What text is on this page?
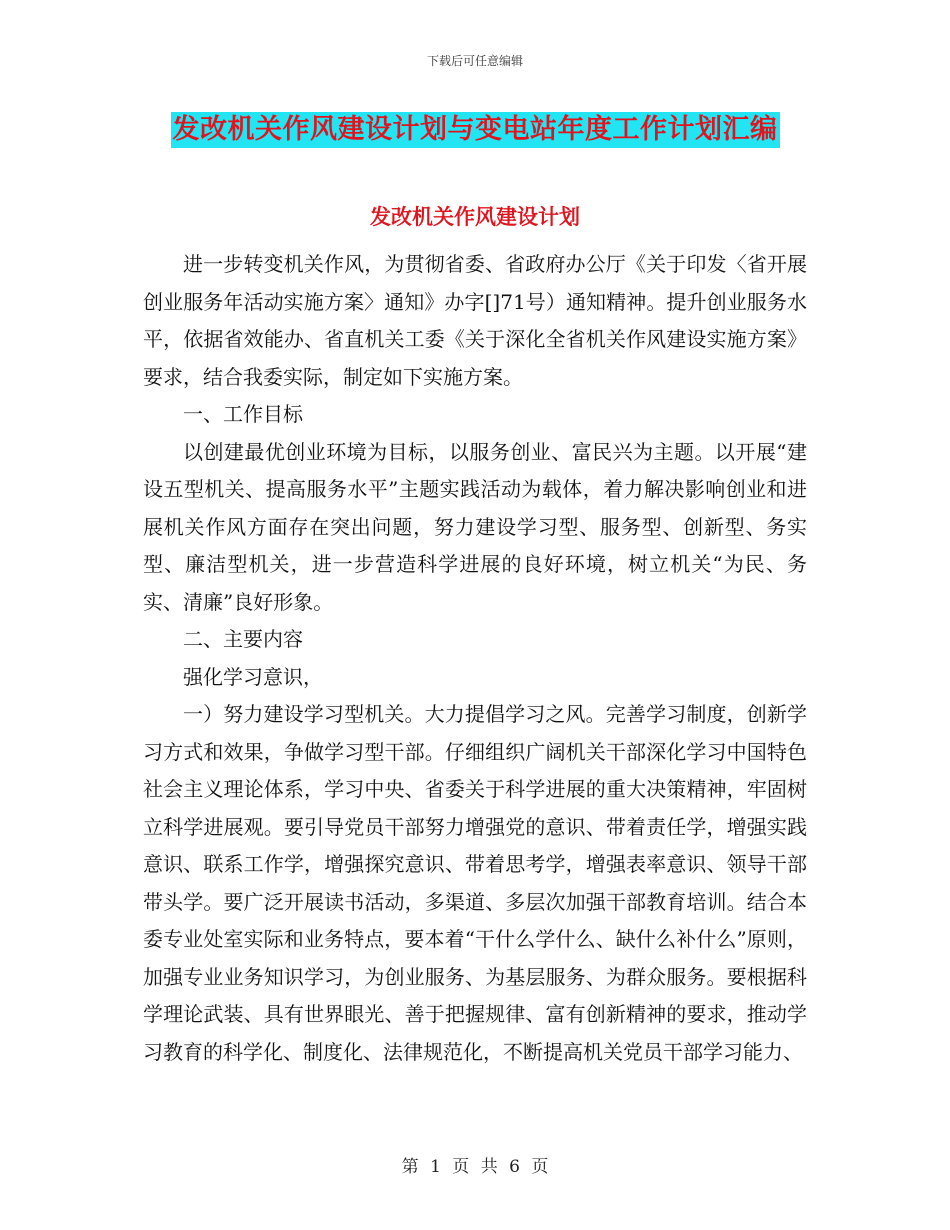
下载后可任意编辑
发改机关作风建设计划与变电站年度工作计划汇编
发改机关作风建设计划

进一步转变机关作风，为贯彻省委、省政府办公厅《关于印发〈省开展创业服务年活动实施方案〉通知》办字[]71号）通知精神。提升创业服务水平，依据省效能办、省直机关工委《关于深化全省机关作风建设实施方案》要求，结合我委实际，制定如下实施方案。

一、工作目标

以创建最优创业环境为目标，以服务创业、富民兴为主题。以开展“建设五型机关、提高服务水平”主题实践活动为载体，着力解决影响创业和进展机关作风方面存在突出问题，努力建设学习型、服务型、创新型、务实型、廉洁型机关，进一步营造科学进展的良好环境，树立机关“为民、务实、清廉”良好形象。

二、主要内容

强化学习意识，

一）努力建设学习型机关。大力提倡学习之风。完善学习制度，创新学习方式和效果，争做学习型干部。仔细组织广阔机关干部深化学习中国特色社会主义理论体系，学习中央、省委关于科学进展的重大决策精神，牢固树立科学进展观。要引导党员干部努力增强党的意识、带着责任学，增强实践意识、联系工作学，增强探究意识、带着思考学，增强表率意识、领导干部带头学。要广泛开展读书活动，多渠道、多层次加强干部教育培训。结合本委专业处室实际和业务特点，要本着“干什么学什么、缺什么补什么”原则，加强专业业务知识学习，为创业服务、为基层服务、为群众服务。要根据科学理论武装、具有世界眼光、善于把握规律、富有创新精神的要求，推动学习教育的科学化、制度化、法律规范化，不断提高机关党员干部学习能力、

第 1 页 共 6 页
